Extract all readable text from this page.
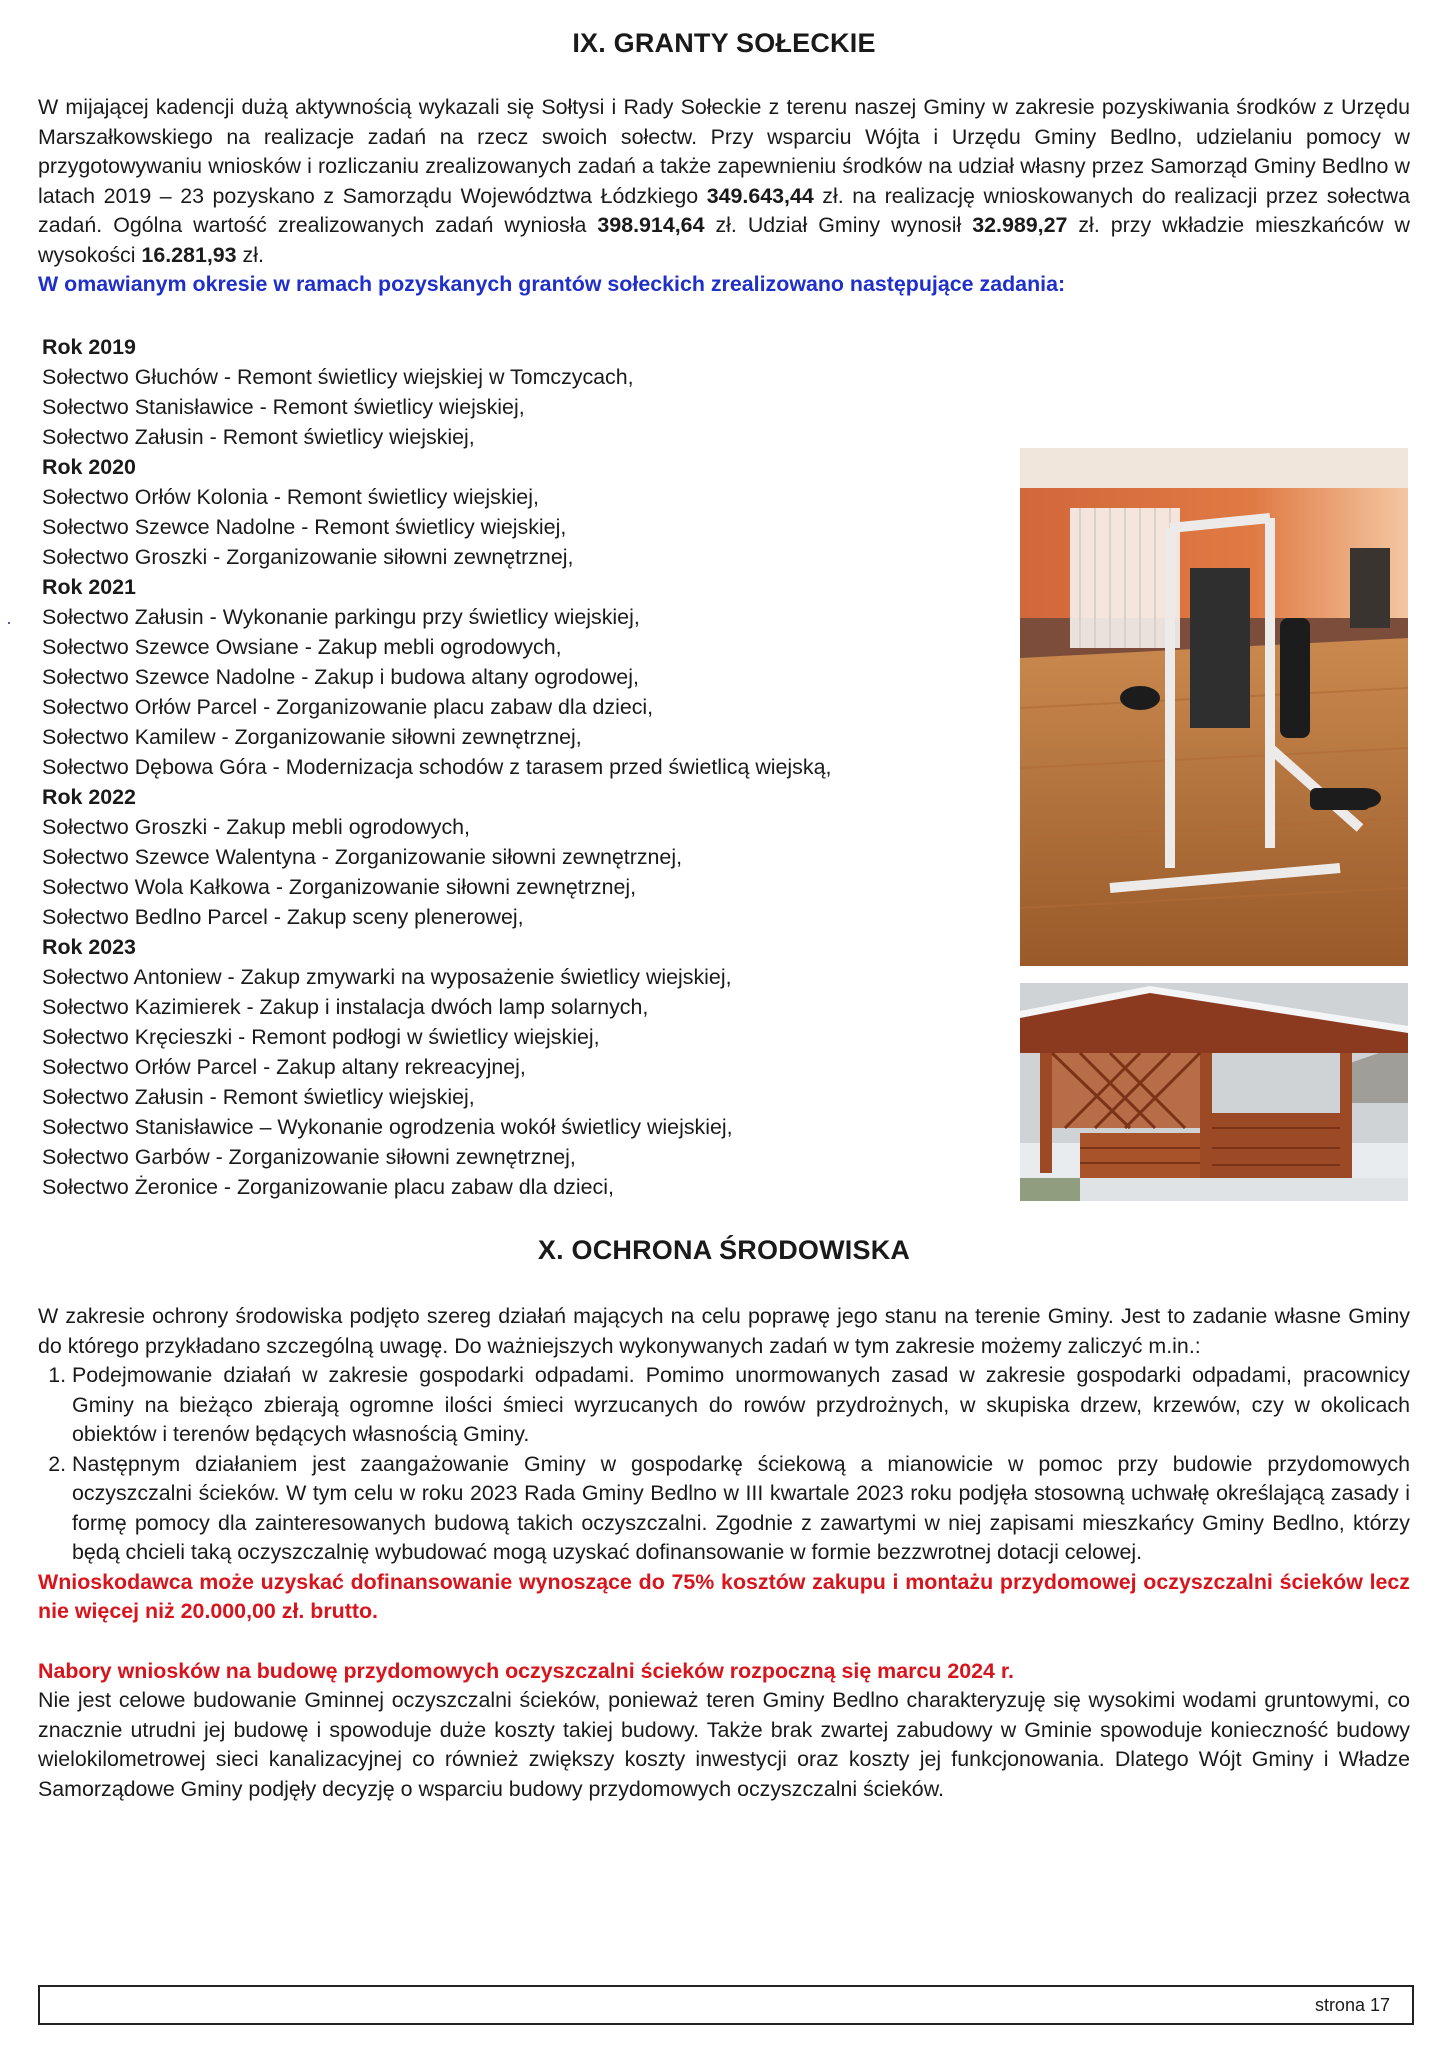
IX. GRANTY SOŁECKIE
W mijającej kadencji dużą aktywnością wykazali się Sołtysi i Rady Sołeckie z terenu naszej Gminy w zakresie pozyskiwania środków z Urzędu Marszałkowskiego na realizacje zadań na rzecz swoich sołectw. Przy wsparciu Wójta i Urzędu Gminy Bedlno, udzielaniu pomocy w przygotowywaniu wniosków i rozliczaniu zrealizowanych zadań a także zapewnieniu środków na udział własny przez Samorząd Gminy Bedlno w latach 2019 – 23 pozyskano z Samorządu Województwa Łódzkiego 349.643,44 zł. na realizację wnioskowanych do realizacji przez sołectwa zadań. Ogólna wartość zrealizowanych zadań wyniosła 398.914,64 zł. Udział Gminy wynosił 32.989,27 zł. przy wkładzie mieszkańców w wysokości 16.281,93 zł.
W omawianym okresie w ramach pozyskanych grantów sołeckich zrealizowano następujące zadania:
Rok 2019
Sołectwo Głuchów - Remont świetlicy wiejskiej w Tomczycach,
Sołectwo Stanisławice - Remont świetlicy wiejskiej,
Sołectwo Załusin - Remont świetlicy wiejskiej,
Rok 2020
Sołectwo Orłów Kolonia - Remont świetlicy wiejskiej,
Sołectwo Szewce Nadolne - Remont świetlicy wiejskiej,
Sołectwo Groszki - Zorganizowanie siłowni zewnętrznej,
Rok 2021
Sołectwo Załusin - Wykonanie parkingu przy świetlicy wiejskiej,
Sołectwo Szewce Owsiane - Zakup mebli ogrodowych,
Sołectwo Szewce Nadolne - Zakup i budowa altany ogrodowej,
Sołectwo Orłów Parcel - Zorganizowanie placu zabaw dla dzieci,
Sołectwo Kamilew - Zorganizowanie siłowni zewnętrznej,
Sołectwo Dębowa Góra - Modernizacja schodów z tarasem przed świetlicą wiejską,
Rok 2022
Sołectwo Groszki - Zakup mebli ogrodowych,
Sołectwo Szewce Walentyna - Zorganizowanie siłowni zewnętrznej,
Sołectwo Wola Kałkowa - Zorganizowanie siłowni zewnętrznej,
Sołectwo Bedlno Parcel - Zakup sceny plenerowej,
Rok 2023
Sołectwo Antoniew - Zakup zmywarki na wyposażenie świetlicy wiejskiej,
Sołectwo Kazimierek - Zakup i instalacja dwóch lamp solarnych,
Sołectwo Kręcieszki - Remont podłogi w świetlicy wiejskiej,
Sołectwo Orłów Parcel - Zakup altany rekreacyjnej,
Sołectwo Załusin - Remont świetlicy wiejskiej,
Sołectwo Stanisławice – Wykonanie ogrodzenia wokół świetlicy wiejskiej,
Sołectwo Garbów - Zorganizowanie siłowni zewnętrznej,
Sołectwo Żeronice - Zorganizowanie placu zabaw dla dzieci,
X. OCHRONA ŚRODOWISKA
W zakresie ochrony środowiska podjęto szereg działań mających na celu poprawę jego stanu na terenie Gminy. Jest to zadanie własne Gminy do którego przykładano szczególną uwagę. Do ważniejszych wykonywanych zadań w tym zakresie możemy zaliczyć m.in.:
1. Podejmowanie działań w zakresie gospodarki odpadami. Pomimo unormowanych zasad w zakresie gospodarki odpadami, pracownicy Gminy na bieżąco zbierają ogromne ilości śmieci wyrzucanych do rowów przydrożnych, w skupiska drzew, krzewów, czy w okolicach obiektów i terenów będących własnością Gminy.
2. Następnym działaniem jest zaangażowanie Gminy w gospodarkę ściekową a mianowicie w pomoc przy budowie przydomowych oczyszczalni ścieków. W tym celu w roku 2023 Rada Gminy Bedlno w III kwartale 2023 roku podjęła stosowną uchwałę określającą zasady i formę pomocy dla zainteresowanych budową takich oczyszczalni. Zgodnie z zawartymi w niej zapisami mieszkańcy Gminy Bedlno, którzy będą chcieli taką oczyszczalnię wybudować mogą uzyskać dofinansowanie w formie bezzwrotnej dotacji celowej.
Wnioskodawca może uzyskać dofinansowanie wynoszące do 75% kosztów zakupu i montażu przydomowej oczyszczalni ścieków lecz nie więcej niż 20.000,00 zł. brutto.
Nabory wniosków na budowę przydomowych oczyszczalni ścieków rozpoczną się marcu 2024 r.
Nie jest celowe budowanie Gminnej oczyszczalni ścieków, ponieważ teren Gminy Bedlno charakteryzuję się wysokimi wodami gruntowymi, co znacznie utrudni jej budowę i spowoduje duże koszty takiej budowy. Także brak zwartej zabudowy w Gminie spowoduje konieczność budowy wielokilometrowej sieci kanalizacyjnej co również zwiększy koszty inwestycji oraz koszty jej funkcjonowania. Dlatego Wójt Gminy i Władze Samorządowe Gminy podjęły decyzję o wsparciu budowy przydomowych oczyszczalni ścieków.
strona 17
